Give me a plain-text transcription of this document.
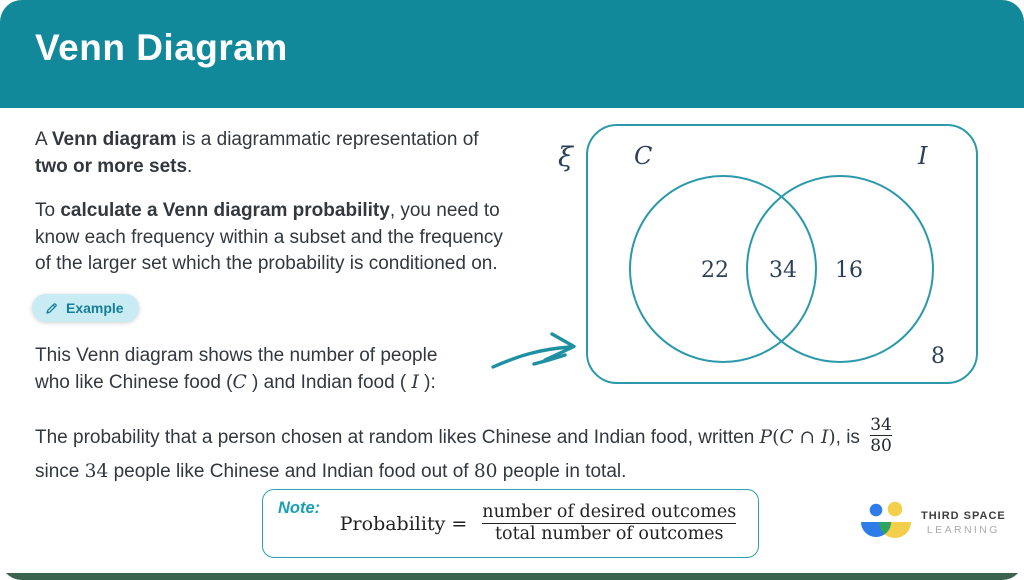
Venn Diagram

A Venn diagram is a diagrammatic representation of
two or more sets.

To calculate a Venn diagram probability, you need to
know each frequency within a subset and the frequency
of the larger set which the probability is conditioned on.

Example

This Venn diagram shows the number of people
who like Chinese food (C ) and Indian food ( I ):

ξ	C	I
22 34 16
8

The probability that a person chosen at random likes Chinese and Indian food, written P(C ∩ I), is $\frac{34}{80}$

since 34 people like Chinese and Indian food out of 80 people in total.

Note:
Probability = $\frac{\text{number of desired outcomes}}{\text{total number of outcomes}}$	THIRD SPACE
LEARNING
